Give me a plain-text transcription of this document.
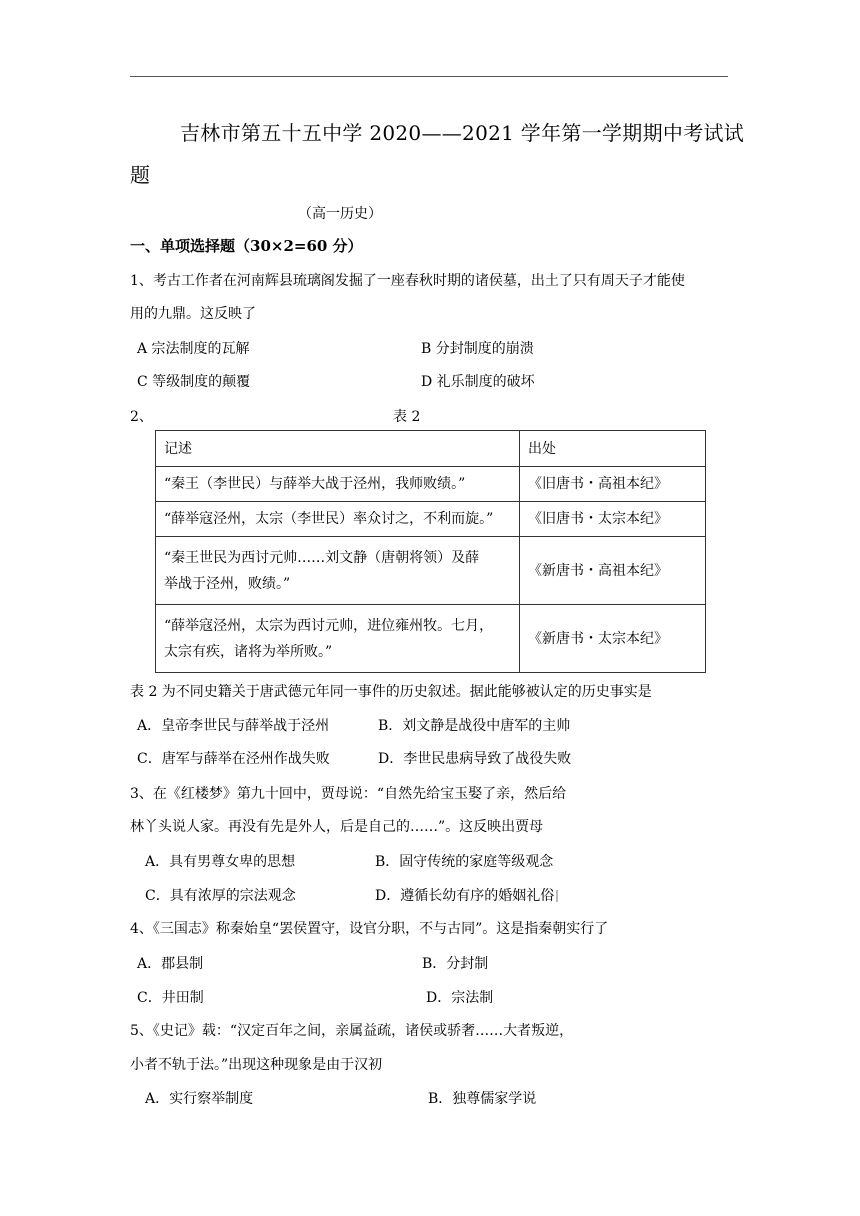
吉林市第五十五中学 2020——2021 学年第一学期期中考试试
题
（高一历史）
一、单项选择题（30×2=60 分）
1、考古工作者在河南辉县琉璃阁发掘了一座春秋时期的诸侯墓，出土了只有周天子才能使
用的九鼎。这反映了
A 宗法制度的瓦解	B 分封制度的崩溃
C 等级制度的颠覆	D 礼乐制度的破坏
2、	表 2
记述	出处
“秦王（李世民）与薛举大战于泾州，我师败绩。”	《旧唐书・高祖本纪》
“薛举寇泾州，太宗（李世民）率众讨之，不利而旋。”	《旧唐书・太宗本纪》

“秦王世民为西讨元帅……刘文静（唐朝将领）及薛
举战于泾州，败绩。”	《新唐书・高祖本纪》

“薛举寇泾州，太宗为西讨元帅，进位雍州牧。七月，
太宗有疾，诸将为举所败。”	《新唐书・太宗本纪》
表 2 为不同史籍关于唐武德元年同一事件的历史叙述。据此能够被认定的历史事实是
A．皇帝李世民与薛举战于泾州	B．刘文静是战役中唐军的主帅
C．唐军与薛举在泾州作战失败	D．李世民患病导致了战役失败
3、在《红楼梦》第九十回中，贾母说：“自然先给宝玉娶了亲，然后给
林丫头说人家。再没有先是外人，后是自己的……”。这反映出贾母
A．具有男尊女卑的思想	B．固守传统的家庭等级观念
C．具有浓厚的宗法观念	D．遵循长幼有序的婚姻礼俗
4、《三国志》称秦始皇“罢侯置守，设官分职，不与古同”。这是指秦朝实行了
A．郡县制	B．分封制
C．井田制	D．宗法制
5、《史记》载：“汉定百年之间，亲属益疏，诸侯或骄奢……大者叛逆，
小者不轨于法。”出现这种现象是由于汉初
A．实行察举制度	B．独尊儒家学说
